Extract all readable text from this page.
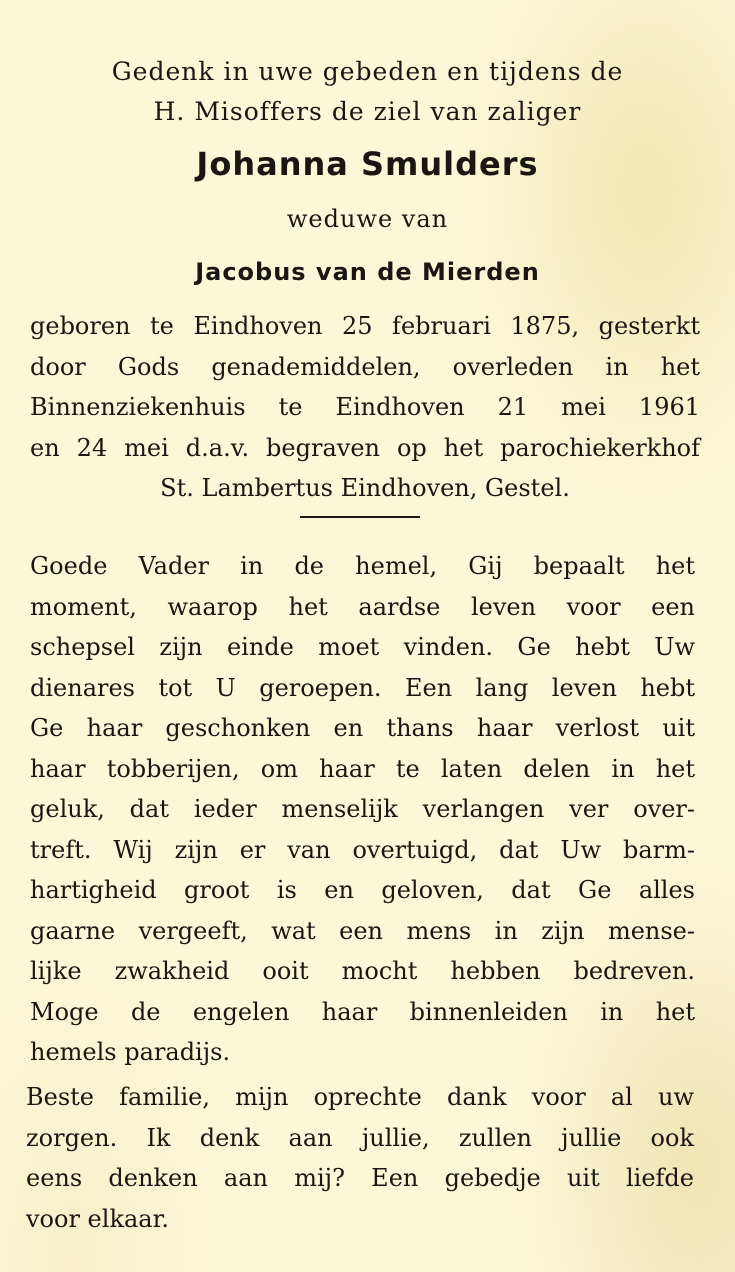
Gedenk in uwe gebeden en tijdens de
H. Misoffers de ziel van zaliger
Johanna Smulders
weduwe van
Jacobus van de Mierden
geboren te Eindhoven 25 februari 1875, gesterkt
door Gods genademiddelen, overleden in het
Binnenziekenhuis te Eindhoven 21 mei 1961
en 24 mei d.a.v. begraven op het parochiekerkhof
St. Lambertus Eindhoven, Gestel.
Goede Vader in de hemel, Gij bepaalt het
moment, waarop het aardse leven voor een
schepsel zijn einde moet vinden. Ge hebt Uw
dienares tot U geroepen. Een lang leven hebt
Ge haar geschonken en thans haar verlost uit
haar tobberijen, om haar te laten delen in het
geluk, dat ieder menselijk verlangen ver over-
treft. Wij zijn er van overtuigd, dat Uw barm-
hartigheid groot is en geloven, dat Ge alles
gaarne vergeeft, wat een mens in zijn mense-
lijke zwakheid ooit mocht hebben bedreven.
Moge de engelen haar binnenleiden in het
hemels paradijs.
Beste familie, mijn oprechte dank voor al uw
zorgen. Ik denk aan jullie, zullen jullie ook
eens denken aan mij? Een gebedje uit liefde
voor elkaar.
